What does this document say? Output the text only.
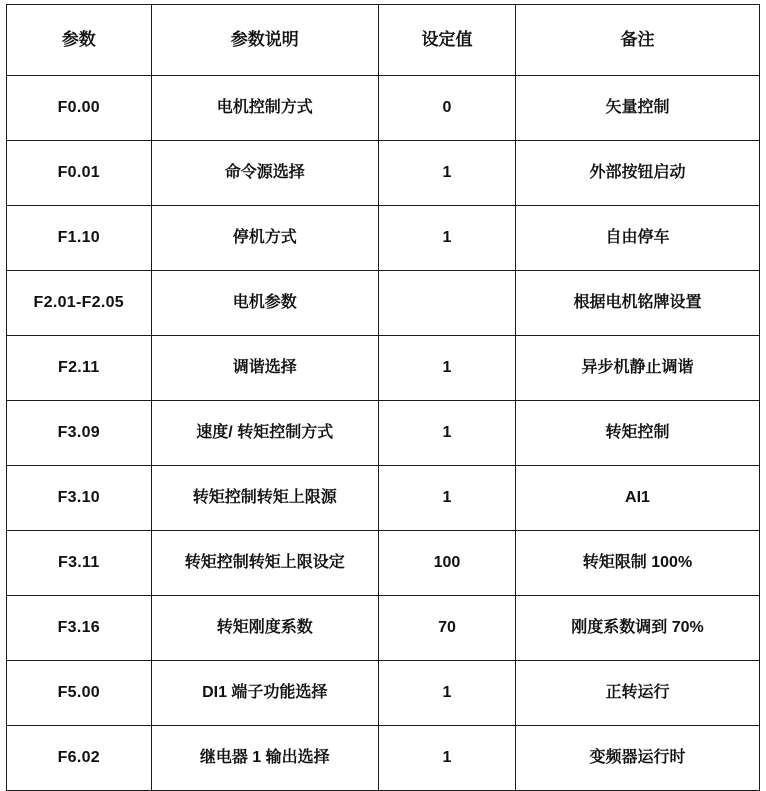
参数	参数说明	设定值	备注
F0.00	电机控制方式	0	矢量控制
F0.01	命令源选择	1	外部按钮启动
F1.10	停机方式	1	自由停车
F2.01-F2.05	电机参数		根据电机铭牌设置
F2.11	调谐选择	1	异步机静止调谐
F3.09	速度/ 转矩控制方式	1	转矩控制
F3.10	转矩控制转矩上限源	1	AI1
F3.11	转矩控制转矩上限设定	100	转矩限制 100%
F3.16	转矩刚度系数	70	刚度系数调到 70%
F5.00	DI1 端子功能选择	1	正转运行
F6.02	继电器 1 输出选择	1	变频器运行时
